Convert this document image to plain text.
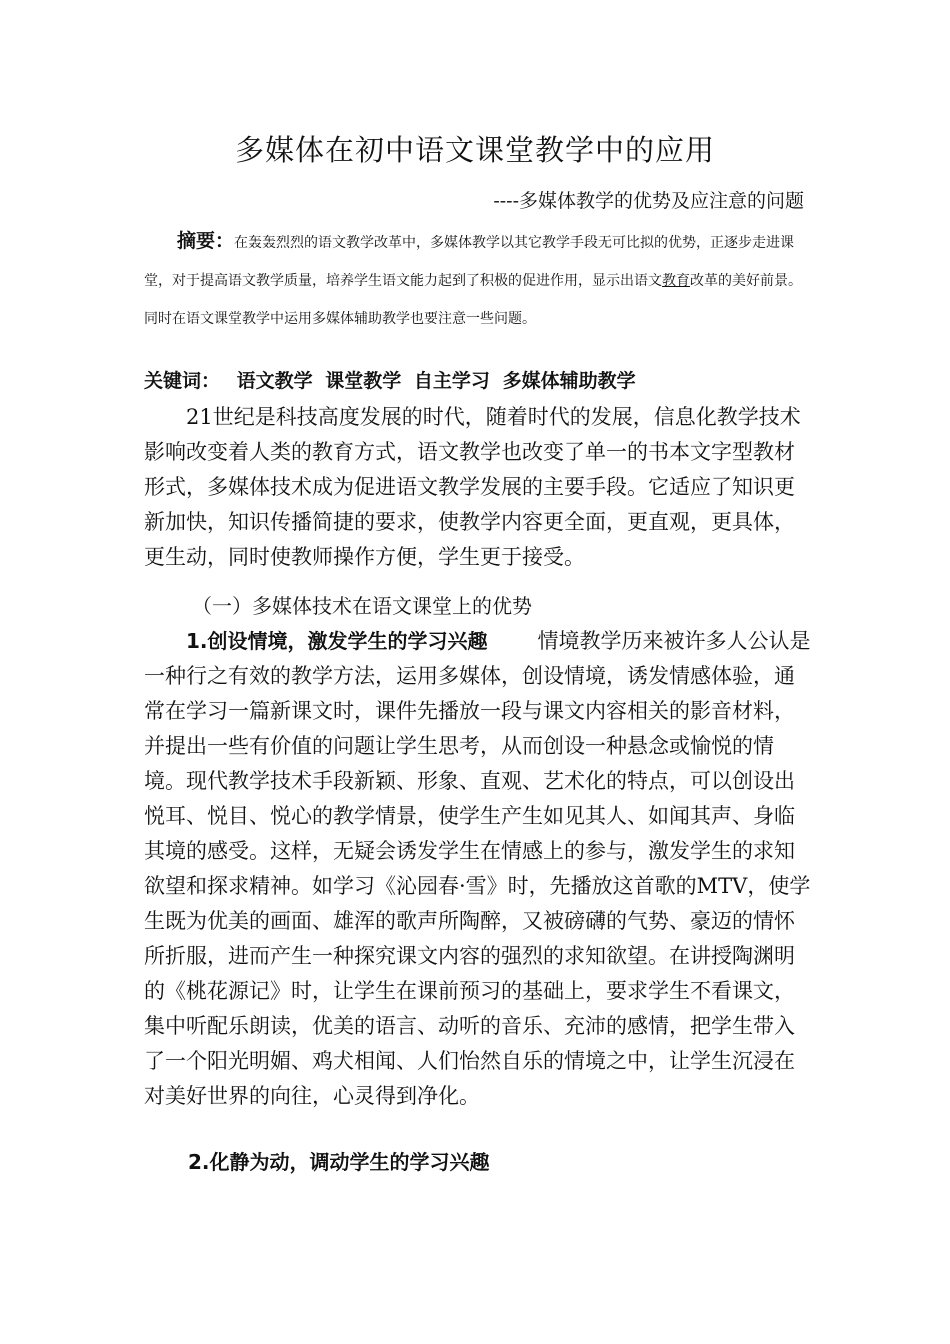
多媒体在初中语文课堂教学中的应用
----多媒体教学的优势及应注意的问题
摘要：在轰轰烈烈的语文教学改革中，多媒体教学以其它教学手段无可比拟的优势，正逐步走进课堂，对于提高语文教学质量，培养学生语文能力起到了积极的促进作用，显示出语文教育改革的美好前景。同时在语文课堂教学中运用多媒体辅助教学也要注意一些问题。
关键词： 语文教学 课堂教学 自主学习 多媒体辅助教学
21世纪是科技高度发展的时代，随着时代的发展，信息化教学技术影响改变着人类的教育方式，语文教学也改变了单一的书本文字型教材形式，多媒体技术成为促进语文教学发展的主要手段。它适应了知识更新加快，知识传播简捷的要求，使教学内容更全面，更直观，更具体，更生动，同时使教师操作方便，学生更于接受。
（一）多媒体技术在语文课堂上的优势
1.创设情境，激发学生的学习兴趣 情境教学历来被许多人公认是一种行之有效的教学方法，运用多媒体，创设情境，诱发情感体验，通常在学习一篇新课文时，课件先播放一段与课文内容相关的影音材料，并提出一些有价值的问题让学生思考，从而创设一种悬念或愉悦的情境。现代教学技术手段新颖、形象、直观、艺术化的特点，可以创设出悦耳、悦目、悦心的教学情景，使学生产生如见其人、如闻其声、身临其境的感受。这样，无疑会诱发学生在情感上的参与，激发学生的求知欲望和探求精神。如学习《沁园春·雪》时，先播放这首歌的MTV，使学生既为优美的画面、雄浑的歌声所陶醉，又被磅礴的气势、豪迈的情怀所折服，进而产生一种探究课文内容的强烈的求知欲望。在讲授陶渊明的《桃花源记》时，让学生在课前预习的基础上，要求学生不看课文，集中听配乐朗读，优美的语言、动听的音乐、充沛的感情，把学生带入了一个阳光明媚、鸡犬相闻、人们怡然自乐的情境之中，让学生沉浸在对美好世界的向往，心灵得到净化。
2.化静为动，调动学生的学习兴趣
